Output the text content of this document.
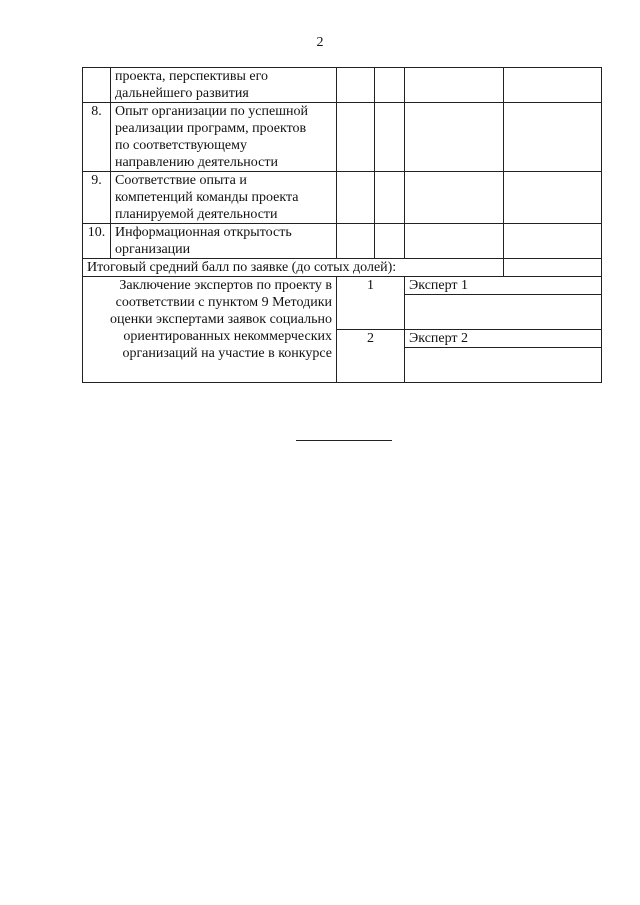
2

	проекта, перспективы его
дальнейшего развития				

8.	Опыт организации по успешной
реализации программ, проектов
по соответствующему
направлению деятельности				

9.	Соответствие опыта и
компетенций команды проекта
планируемой деятельности				

10.	Информационная открытость
организации				

Итоговый средний балл по заявке (до сотых долей):					

Заключение экспертов по проекту в
соответствии с пунктом 9 Методики
оценки экспертами заявок социально
ориентированных некоммерческих
организаций на участие в конкурсе		1		Эксперт 1	

		2		Эксперт 2	
